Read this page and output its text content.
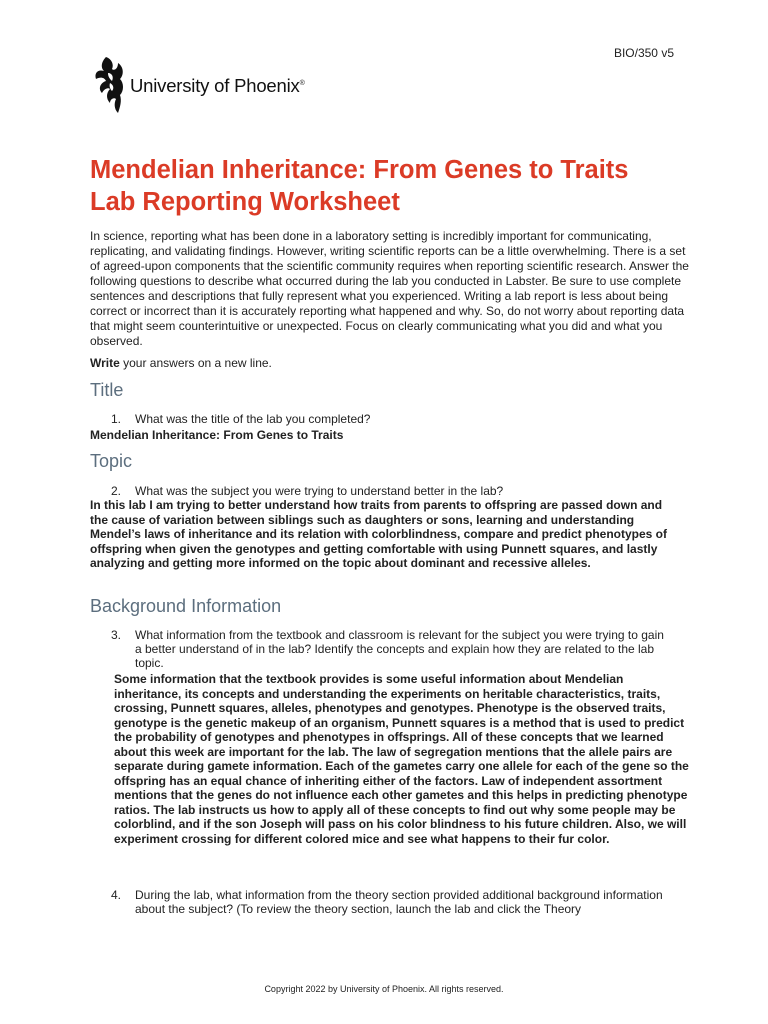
BIO/350 v5
University of Phoenix®
Mendelian Inheritance: From Genes to Traits
Lab Reporting Worksheet

In science, reporting what has been done in a laboratory setting is incredibly important for communicating, replicating, and validating findings. However, writing scientific reports can be a little overwhelming. There is a set of agreed-upon components that the scientific community requires when reporting scientific research. Answer the following questions to describe what occurred during the lab you conducted in Labster. Be sure to use complete sentences and descriptions that fully represent what you experienced. Writing a lab report is less about being correct or incorrect than it is accurately reporting what happened and why. So, do not worry about reporting data that might seem counterintuitive or unexpected. Focus on clearly communicating what you did and what you observed.

Write your answers on a new line.

Title
1.	What was the title of the lab you completed?

Mendelian Inheritance: From Genes to Traits

Topic
2.	What was the subject you were trying to understand better in the lab?

In this lab I am trying to better understand how traits from parents to offspring are passed down and the cause of variation between siblings such as daughters or sons, learning and understanding Mendel’s laws of inheritance and its relation with colorblindness, compare and predict phenotypes of offspring when given the genotypes and getting comfortable with using Punnett squares, and lastly analyzing and getting more informed on the topic about dominant and recessive alleles.

Background Information
3.	What information from the textbook and classroom is relevant for the subject you were trying to gain a better understand of in the lab? Identify the concepts and explain how they are related to the lab topic.

Some information that the textbook provides is some useful information about Mendelian inheritance, its concepts and understanding the experiments on heritable characteristics, traits, crossing, Punnett squares, alleles, phenotypes and genotypes. Phenotype is the observed traits, genotype is the genetic makeup of an organism, Punnett squares is a method that is used to predict the probability of genotypes and phenotypes in offsprings. All of these concepts that we learned about this week are important for the lab. The law of segregation mentions that the allele pairs are separate during gamete information. Each of the gametes carry one allele for each of the gene so the offspring has an equal chance of inheriting either of the factors. Law of independent assortment mentions that the genes do not influence each other gametes and this helps in predicting phenotype ratios. The lab instructs us how to apply all of these concepts to find out why some people may be colorblind, and if the son Joseph will pass on his color blindness to his future children. Also, we will experiment crossing for different colored mice and see what happens to their fur color.

4.	During the lab, what information from the theory section provided additional background information about the subject? (To review the theory section, launch the lab and click the Theory
Copyright 2022 by University of Phoenix. All rights reserved.
